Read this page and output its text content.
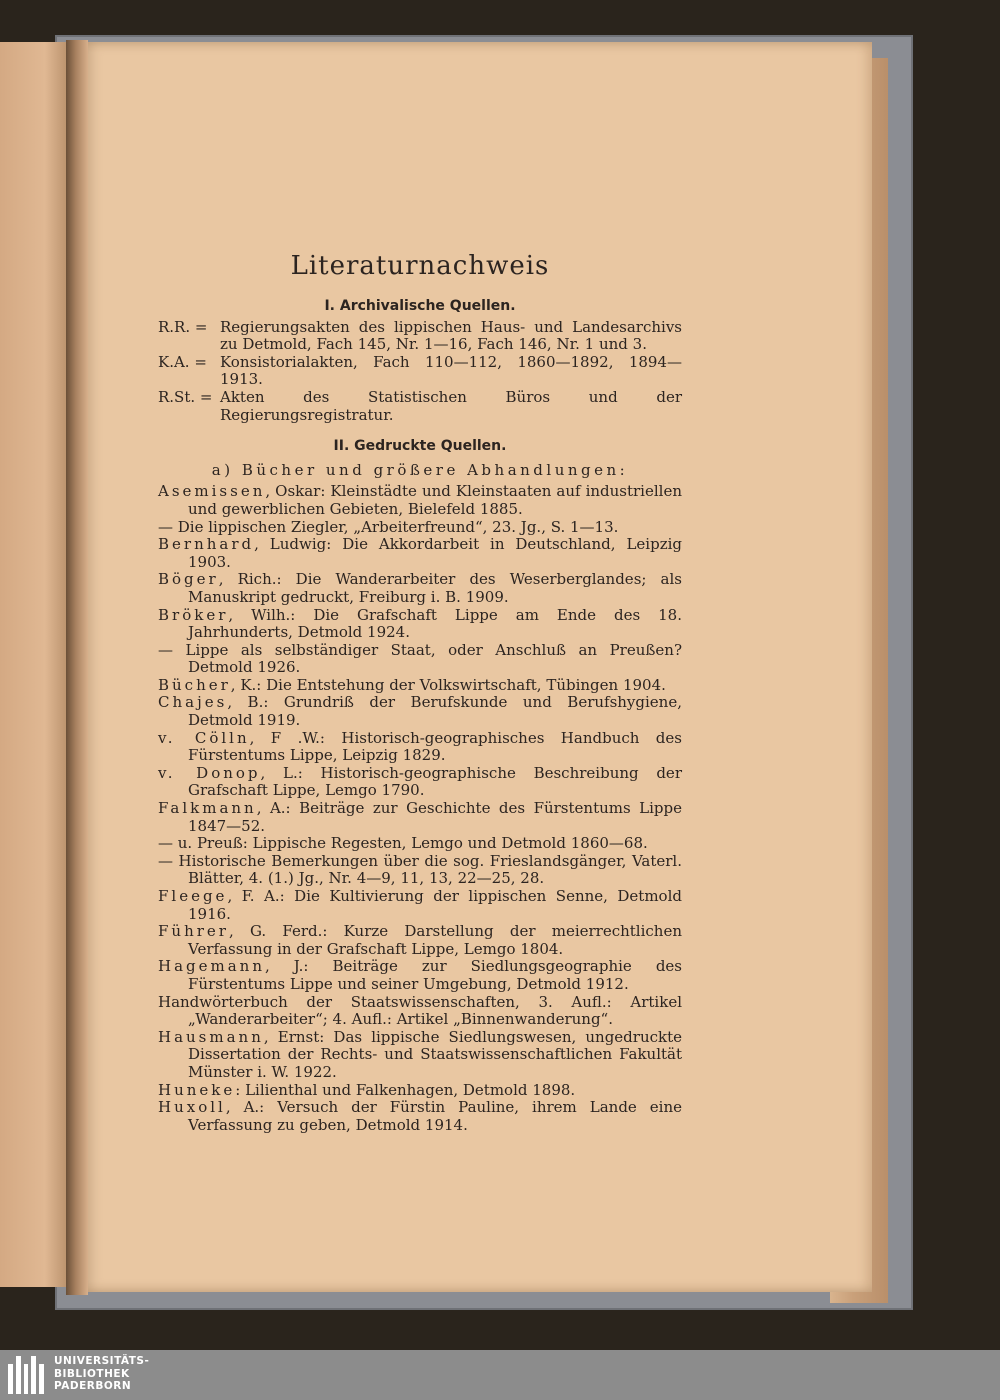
Literaturnachweis
I. Archivalische Quellen.
R.R. = Regierungsakten des lippischen Haus- und Landesarchivs zu Detmold, Fach 145, Nr. 1—16, Fach 146, Nr. 1 und 3.
K.A. = Konsistorialakten, Fach 110—112, 1860—1892, 1894—1913.
R.St. = Akten des Statistischen Büros und der Regierungsregistratur.
II. Gedruckte Quellen.
a) Bücher und größere Abhandlungen:
Asemissen, Oskar: Kleinstädte und Kleinstaaten auf industriellen und gewerblichen Gebieten, Bielefeld 1885.
— Die lippischen Ziegler, „Arbeiterfreund“, 23. Jg., S. 1—13.
Bernhard, Ludwig: Die Akkordarbeit in Deutschland, Leipzig 1903.
Böger, Rich.: Die Wanderarbeiter des Weserberglandes; als Manuskript gedruckt, Freiburg i. B. 1909.
Bröker, Wilh.: Die Grafschaft Lippe am Ende des 18. Jahrhunderts, Detmold 1924.
— Lippe als selbständiger Staat, oder Anschluß an Preußen? Detmold 1926.
Bücher, K.: Die Entstehung der Volkswirtschaft, Tübingen 1904.
Chajes, B.: Grundriß der Berufskunde und Berufshygiene, Detmold 1919.
v. Cölln, F .W.: Historisch-geographisches Handbuch des Fürstentums Lippe, Leipzig 1829.
v. Donop, L.: Historisch-geographische Beschreibung der Grafschaft Lippe, Lemgo 1790.
Falkmann, A.: Beiträge zur Geschichte des Fürstentums Lippe 1847—52.
— u. Preuß: Lippische Regesten, Lemgo und Detmold 1860—68.
— Historische Bemerkungen über die sog. Frieslandsgänger, Vaterl. Blätter, 4. (1.) Jg., Nr. 4—9, 11, 13, 22—25, 28.
Fleege, F. A.: Die Kultivierung der lippischen Senne, Detmold 1916.
Führer, G. Ferd.: Kurze Darstellung der meierrechtlichen Verfassung in der Grafschaft Lippe, Lemgo 1804.
Hagemann, J.: Beiträge zur Siedlungsgeographie des Fürstentums Lippe und seiner Umgebung, Detmold 1912.
Handwörterbuch der Staatswissenschaften, 3. Aufl.: Artikel „Wanderarbeiter“; 4. Aufl.: Artikel „Binnenwanderung“.
Hausmann, Ernst: Das lippische Siedlungswesen, ungedruckte Dissertation der Rechts- und Staatswissenschaftlichen Fakultät Münster i. W. 1922.
Huneke: Lilienthal und Falkenhagen, Detmold 1898.
Huxoll, A.: Versuch der Fürstin Pauline, ihrem Lande eine Verfassung zu geben, Detmold 1914.
UNIVERSITÄTS-
BIBLIOTHEK
PADERBORN
